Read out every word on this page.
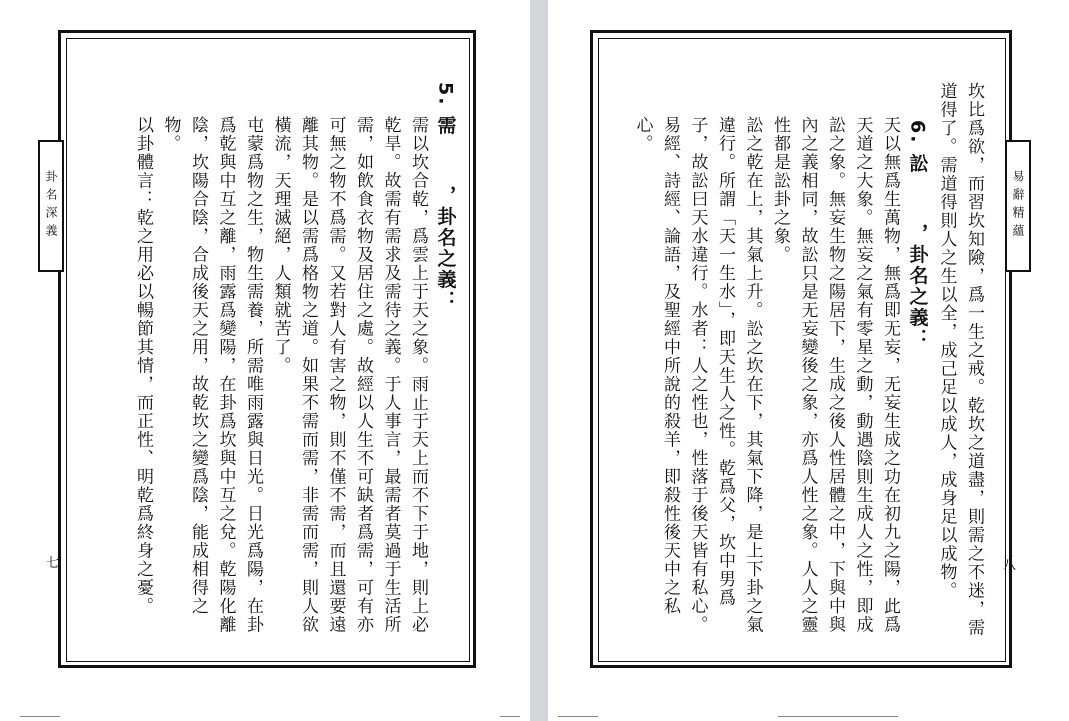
卦名深義
七

5. 需
，卦名之義：

需以坎合乾，爲雲上于天之象。雨止于天上而不下于地，則上必乾旱。故需有需求及需待之義。于人事言，最需者莫過于生活所需，如飲食衣物及居住之處。故經以人生不可缺者爲需，可有亦可無之物不爲需。又若對人有害之物，則不僅不需，而且還要遠離其物。是以需爲格物之道。如果不需而需，非需而需，則人欲橫流，天理滅絕，人類就苦了。

屯蒙爲物之生，物生需養，所需唯雨露與日光。日光爲陽，在卦爲乾與中互之離，雨露爲變陽，在卦爲坎與中互之兌。乾陽化離陰，坎陽合陰，合成後天之用，故乾坎之變爲陰，能成相得之物。

以卦體言：乾之用必以暢節其情，而正性、明乾爲終身之憂。	易辭精蘊
八

坎比爲欲，而習坎知險，爲一生之戒。乾坎之道盡，則需之不迷，需道得了。需道得則人之生以全，成己足以成人，成身足以成物。

6. 訟
，卦名之義：

天以無爲生萬物，無爲即无妄，无妄生成之功在初九之陽，此爲天道之大象。無妄之氣有零星之動，動遇陰則生成人之性，即成訟之象。無妄生物之陽居下，生成之後人性居體之中，下與中與內之義相同，故訟只是无妄變後之象，亦爲人性之象。人人之靈性都是訟卦之象。

訟之乾在上，其氣上升。訟之坎在下，其氣下降，是上下卦之氣違行。所謂「天一生水」，即天生人之性。乾爲父，坎中男爲子，故訟曰天水違行。水者：人之性也，性落于後天皆有私心。易經、詩經、論語，及聖經中所說的殺羊，即殺性後天中之私心。
